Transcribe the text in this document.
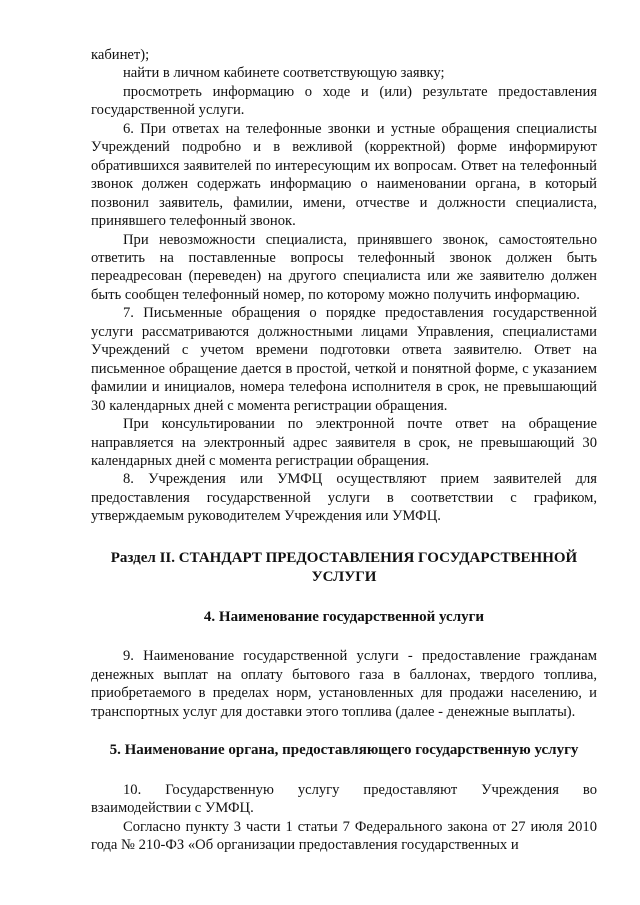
кабинет);

найти в личном кабинете соответствующую заявку;

просмотреть информацию о ходе и (или) результате предоставления государственной услуги.

6. При ответах на телефонные звонки и устные обращения специалисты Учреждений подробно и в вежливой (корректной) форме информируют обратившихся заявителей по интересующим их вопросам. Ответ на телефонный звонок должен содержать информацию о наименовании органа, в который позвонил заявитель, фамилии, имени, отчестве и должности специалиста, принявшего телефонный звонок.

При невозможности специалиста, принявшего звонок, самостоятельно ответить на поставленные вопросы телефонный звонок должен быть переадресован (переведен) на другого специалиста или же заявителю должен быть сообщен телефонный номер, по которому можно получить информацию.

7. Письменные обращения о порядке предоставления государственной услуги рассматриваются должностными лицами Управления, специалистами Учреждений с учетом времени подготовки ответа заявителю. Ответ на письменное обращение дается в простой, четкой и понятной форме, с указанием фамилии и инициалов, номера телефона исполнителя в срок, не превышающий 30 календарных дней с момента регистрации обращения.

При консультировании по электронной почте ответ на обращение направляется на электронный адрес заявителя в срок, не превышающий 30 календарных дней с момента регистрации обращения.

8. Учреждения или УМФЦ осуществляют прием заявителей для предоставления государственной услуги в соответствии с графиком, утверждаемым руководителем Учреждения или УМФЦ.

Раздел II. СТАНДАРТ ПРЕДОСТАВЛЕНИЯ ГОСУДАРСТВЕННОЙ УСЛУГИ
4. Наименование государственной услуги

9. Наименование государственной услуги - предоставление гражданам денежных выплат на оплату бытового газа в баллонах, твердого топлива, приобретаемого в пределах норм, установленных для продажи населению, и транспортных услуг для доставки этого топлива (далее - денежные выплаты).

5. Наименование органа, предоставляющего государственную услугу

10. Государственную услугу предоставляют Учреждения во взаимодействии с УМФЦ.

Согласно пункту 3 части 1 статьи 7 Федерального закона от 27 июля 2010 года № 210-ФЗ «Об организации предоставления государственных и
